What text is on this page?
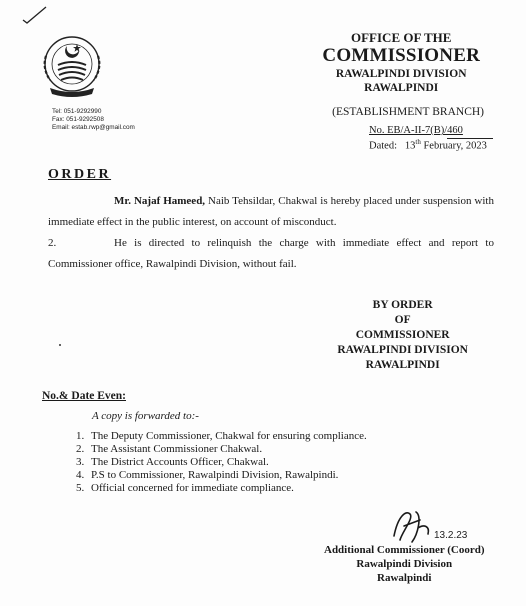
Tel: 051-9292990
Fax: 051-9292508
Email: estab.rwp@gmail.com
OFFICE OF THE
COMMISSIONER
RAWALPINDI DIVISION
RAWALPINDI
(ESTABLISHMENT BRANCH)
No. EB/A-II-7(B)/460
Dated: 13th February, 2023
ORDER
Mr. Najaf Hameed, Naib Tehsildar, Chakwal is hereby placed under suspension with immediate effect in the public interest, on account of misconduct.
2.	He is directed to relinquish the charge with immediate effect and report to Commissioner office, Rawalpindi Division, without fail.
BY ORDER
OF
COMMISSIONER
RAWALPINDI DIVISION
RAWALPINDI
No.& Date Even:
A copy is forwarded to:-
1. The Deputy Commissioner, Chakwal for ensuring compliance.
2. The Assistant Commissioner Chakwal.
3. The District Accounts Officer, Chakwal.
4. P.S to Commissioner, Rawalpindi Division, Rawalpindi.
5. Official concerned for immediate compliance.
13.2.23
Additional Commissioner (Coord)
Rawalpindi Division
Rawalpindi
